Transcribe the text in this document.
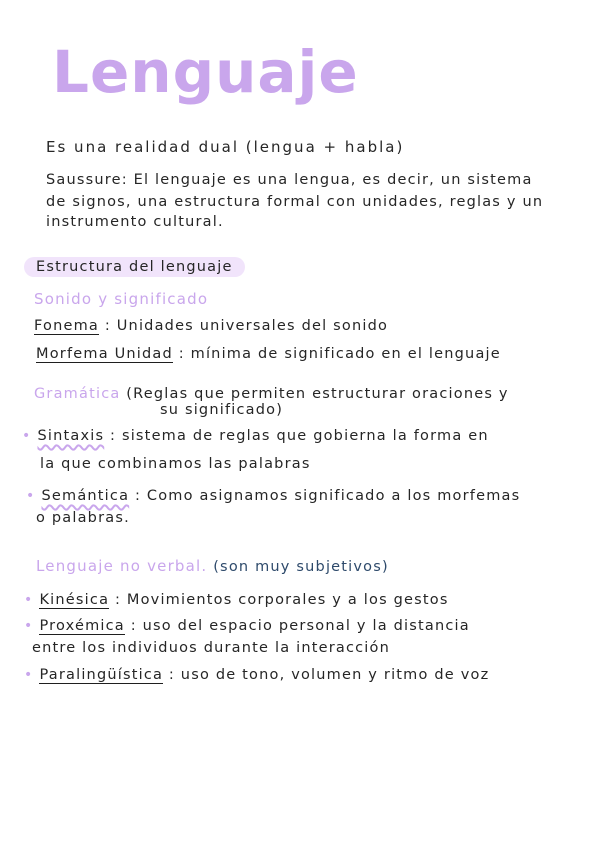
Lenguaje
Es una realidad dual (lengua + habla)
Saussure: El lenguaje es una lengua, es decir, un sistema
de signos, una estructura formal con unidades, reglas y un
instrumento cultural.
Estructura del lenguaje
Sonido y significado
Fonema : Unidades universales del sonido
Morfema Unidad : mínima de significado en el lenguaje
Gramática (Reglas que permiten estructurar oraciones y
su significado)
• Sintaxis : sistema de reglas que gobierna la forma en
la que combinamos las palabras
• Semántica : Como asignamos significado a los morfemas
o palabras.
Lenguaje no verbal. (son muy subjetivos)
• Kinésica : Movimientos corporales y a los gestos
• Proxémica : uso del espacio personal y la distancia
entre los individuos durante la interacción
• Paralingüística : uso de tono, volumen y ritmo de voz
